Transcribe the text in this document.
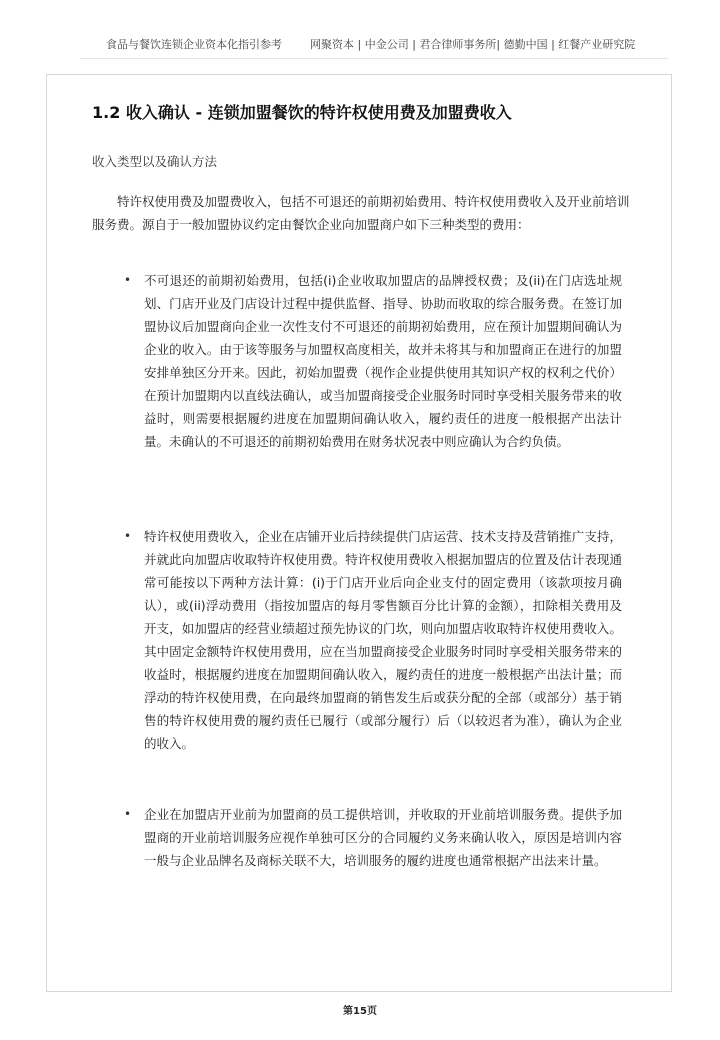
食品与餐饮连锁企业资本化指引参考	网聚资本 | 中金公司 | 君合律师事务所| 德勤中国 | 红餐产业研究院
1.2 收入确认 - 连锁加盟餐饮的特许权使用费及加盟费收入
收入类型以及确认方法
特许权使用费及加盟费收入，包括不可退还的前期初始费用、特许权使用费收入及开业前培训服务费。源自于一般加盟协议约定由餐饮企业向加盟商户如下三种类型的费用：
• 不可退还的前期初始费用，包括(i)企业收取加盟店的品牌授权费；及(ii)在门店选址规划、门店开业及门店设计过程中提供监督、指导、协助而收取的综合服务费。在签订加盟协议后加盟商向企业一次性支付不可退还的前期初始费用，应在预计加盟期间确认为企业的收入。由于该等服务与加盟权高度相关，故并未将其与和加盟商正在进行的加盟安排单独区分开来。因此，初始加盟费（视作企业提供使用其知识产权的权利之代价）在预计加盟期内以直线法确认，或当加盟商接受企业服务时同时享受相关服务带来的收益时，则需要根据履约进度在加盟期间确认收入，履约责任的进度一般根据产出法计量。未确认的不可退还的前期初始费用在财务状况表中则应确认为合约负债。
• 特许权使用费收入，企业在店铺开业后持续提供门店运营、技术支持及营销推广支持，并就此向加盟店收取特许权使用费。特许权使用费收入根据加盟店的位置及估计表现通常可能按以下两种方法计算：(i)于门店开业后向企业支付的固定费用（该款项按月确认），或(ii)浮动费用（指按加盟店的每月零售额百分比计算的金额），扣除相关费用及开支，如加盟店的经营业绩超过预先协议的门坎，则向加盟店收取特许权使用费收入。其中固定金额特许权使用费用，应在当加盟商接受企业服务时同时享受相关服务带来的收益时，根据履约进度在加盟期间确认收入，履约责任的进度一般根据产出法计量；而浮动的特许权使用费，在向最终加盟商的销售发生后或获分配的全部（或部分）基于销售的特许权使用费的履约责任已履行（或部分履行）后（以较迟者为准），确认为企业的收入。
• 企业在加盟店开业前为加盟商的员工提供培训，并收取的开业前培训服务费。提供予加盟商的开业前培训服务应视作单独可区分的合同履约义务来确认收入，原因是培训内容一般与企业品牌名及商标关联不大，培训服务的履约进度也通常根据产出法来计量。
第15页
